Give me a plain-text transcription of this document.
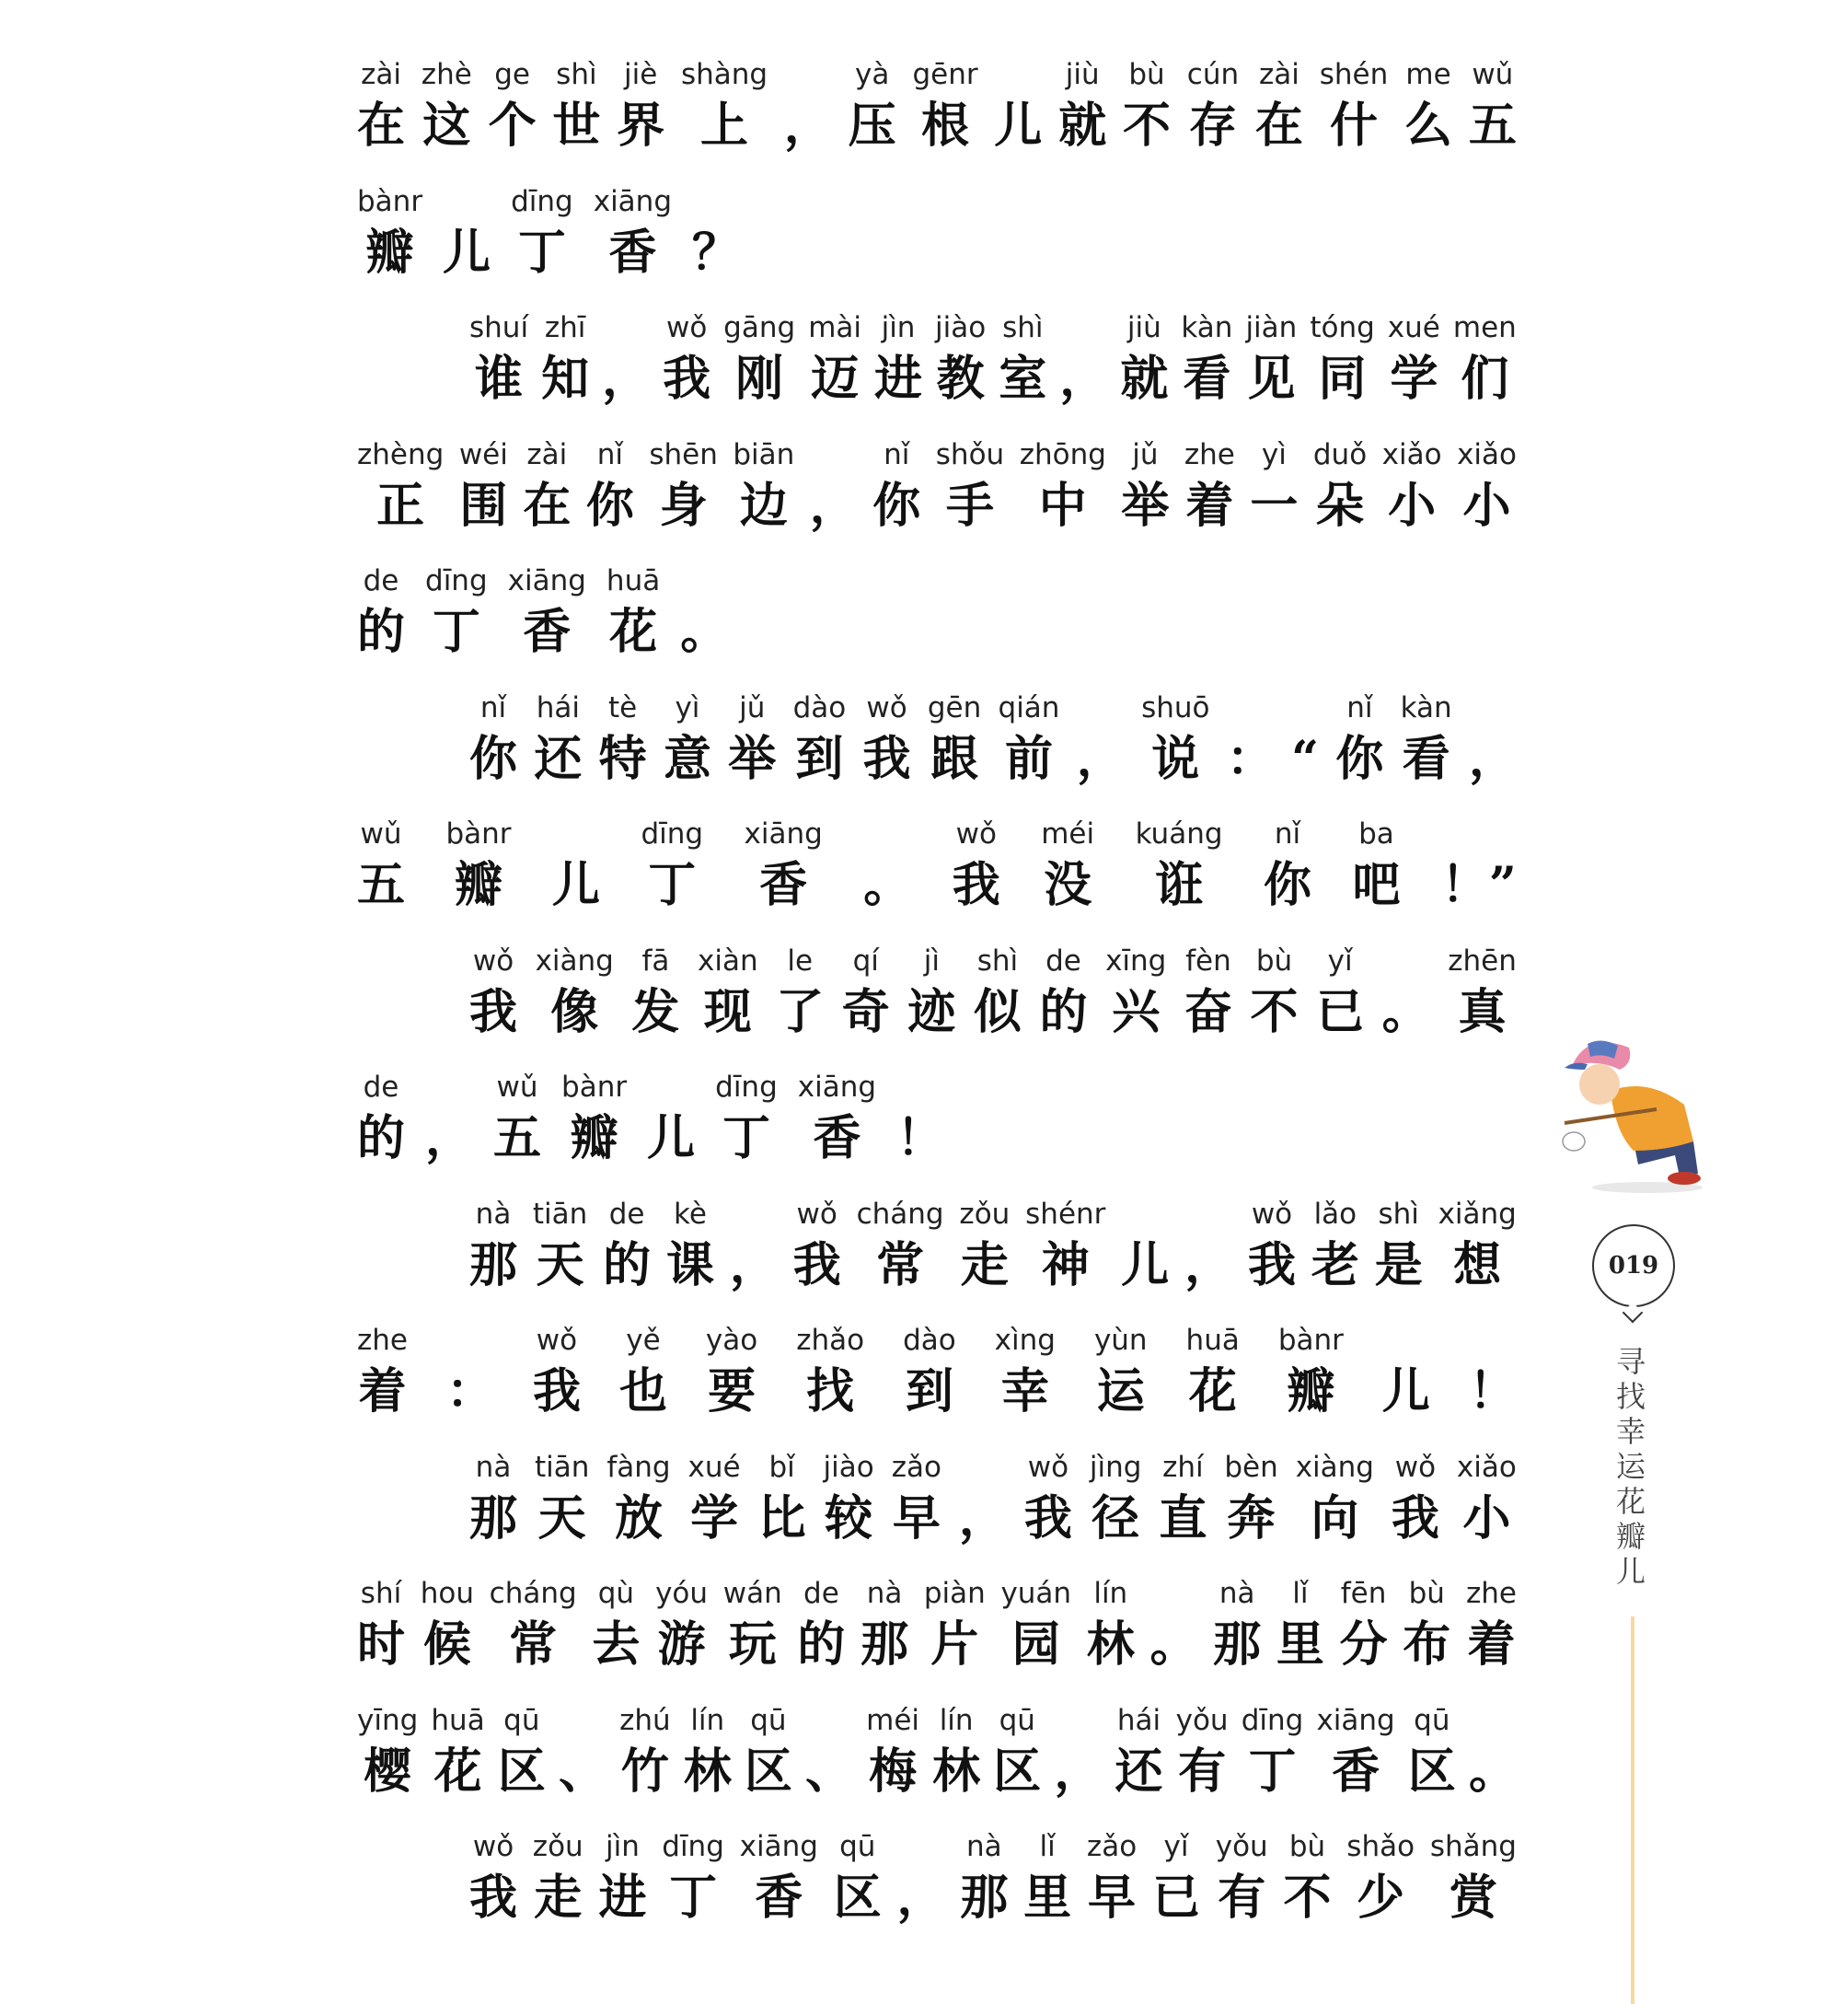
zài
在
zhè
这
ge
个
shì
世
jiè
界
shàng
上 ，
yà
压
gēnr
根 儿
jiù
就
bù
不
cún
存
zài
在
shén
什
me
么
wǔ
五
bànr
瓣 儿
dīng
丁
xiāng
香 ？
shuí
谁
zhī
知 ，
wǒ
我
gāng
刚
mài
迈
jìn
进
jiào
教
shì
室 ，
jiù
就
kàn
看
jiàn
见
tóng
同
xué
学
men
们
zhèng
正
wéi
围
zài
在
nǐ
你
shēn
身
biān
边 ，
nǐ
你
shǒu
手
zhōng
中
jǔ
举
zhe
着
yì
一
duǒ
朵
xiǎo
小
xiǎo
小
de
的
dīng
丁
xiāng
香
huā
花 。
nǐ
你
hái
还
tè
特
yì
意
jǔ
举
dào
到
wǒ
我
gēn
跟
qián
前 ，
shuō
说 ： “
nǐ
你
kàn
看 ，
wǔ
五
bànr
瓣 儿
dīng
丁
xiāng
香	。
wǒ
我
méi
没
kuáng
诳
nǐ
你
ba
吧 ！”
wǒ
我
xiàng
像
fā
发
xiàn
现
le
了
qí
奇
jì
迹
shì
似
de
的
xīng
兴
fèn
奋
bù
不
yǐ
已 。
zhēn
真
de
的 ，
wǔ
五
bànr
瓣 儿
dīng
丁
xiāng
香 ！
nà
那
tiān
天
de
的
kè
课 ，
wǒ
我
cháng
常
zǒu
走
shénr
神 儿 ，
wǒ
我
lǎo
老
shì
是
xiǎng
想
zhe
着 ：
wǒ
我
yě
也
yào
要
zhǎo
找
dào
到
xìng
幸
yùn
运
huā
花
bànr
瓣 儿 ！
nà
那
tiān
天
fàng
放
xué
学
bǐ
比
jiào
较
zǎo
早 ，
wǒ
我
jìng
径
zhí
直
bèn
奔
xiàng
向
wǒ
我
xiǎo
小
shí
时
hou
候
cháng
常
qù
去
yóu
游
wán
玩
de
的
nà
那
piàn
片
yuán
园
lín
林 。
nà
那
lǐ
里
fēn
分
bù
布
zhe
着
yīng
樱
huā
花
qū
区 、
zhú
竹
lín
林
qū
区 、
méi
梅
lín
林
qū
区 ，
hái
还
yǒu
有
dīng
丁
xiāng
香
qū
区 。
wǒ
我
zǒu
走
jìn
进
dīng
丁
xiāng
香
qū
区 ，
nà
那
lǐ
里
zǎo
早
yǐ
已
yǒu
有
bù
不
shǎo
少
shǎng
赏
019
寻找幸运花瓣儿
